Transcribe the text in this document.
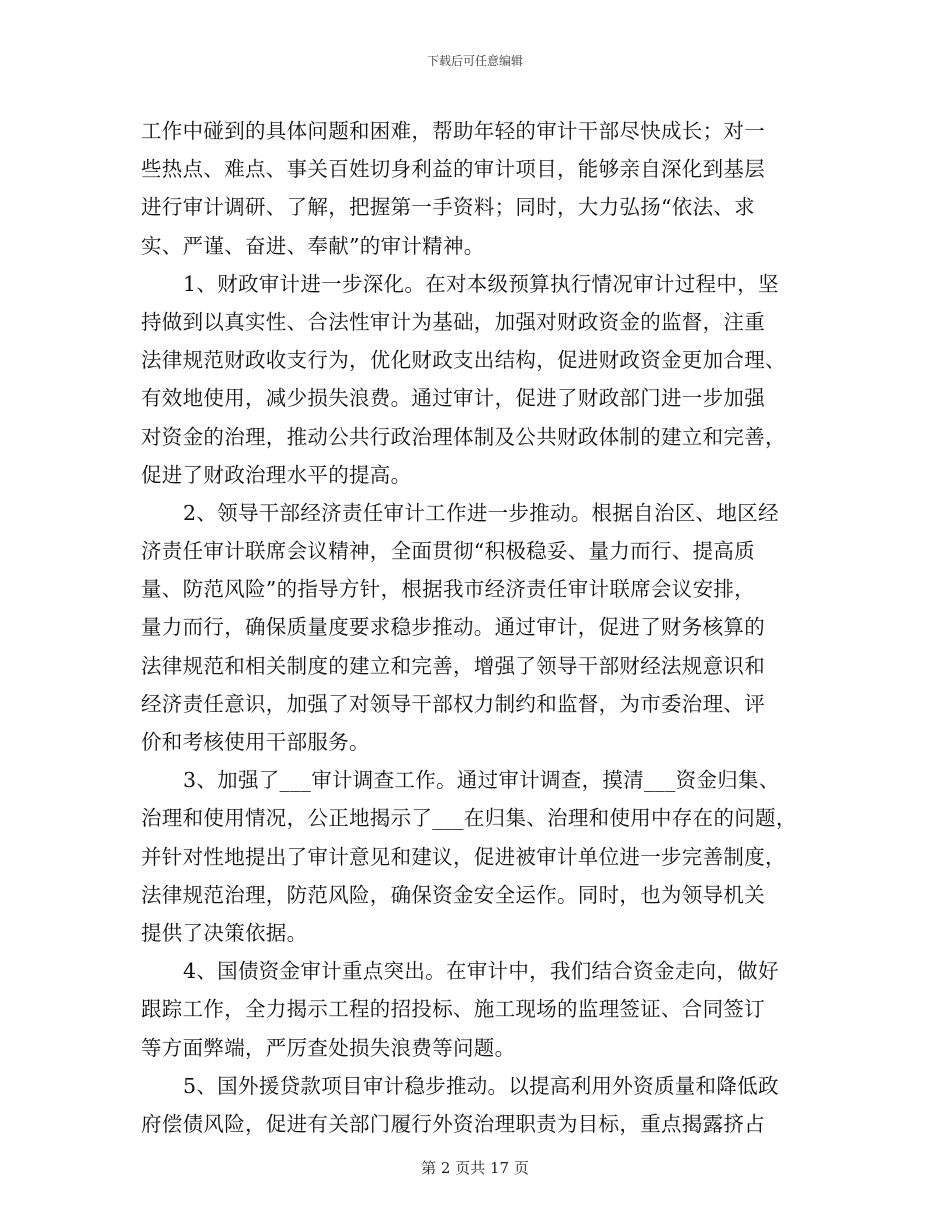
下载后可任意编辑
工作中碰到的具体问题和困难，帮助年轻的审计干部尽快成长；对一
些热点、难点、事关百姓切身利益的审计项目，能够亲自深化到基层
进行审计调研、了解，把握第一手资料；同时，大力弘扬“依法、求
实、严谨、奋进、奉献”的审计精神。
1、财政审计进一步深化。在对本级预算执行情况审计过程中，坚
持做到以真实性、合法性审计为基础，加强对财政资金的监督，注重
法律规范财政收支行为，优化财政支出结构，促进财政资金更加合理、
有效地使用，减少损失浪费。通过审计，促进了财政部门进一步加强
对资金的治理，推动公共行政治理体制及公共财政体制的建立和完善，
促进了财政治理水平的提高。
2、领导干部经济责任审计工作进一步推动。根据自治区、地区经
济责任审计联席会议精神，全面贯彻“积极稳妥、量力而行、提高质
量、防范风险”的指导方针，根据我市经济责任审计联席会议安排，
量力而行，确保质量度要求稳步推动。通过审计，促进了财务核算的
法律规范和相关制度的建立和完善，增强了领导干部财经法规意识和
经济责任意识，加强了对领导干部权力制约和监督，为市委治理、评
价和考核使用干部服务。
3、加强了___审计调查工作。通过审计调查，摸清___资金归集、
治理和使用情况，公正地揭示了___在归集、治理和使用中存在的问题，
并针对性地提出了审计意见和建议，促进被审计单位进一步完善制度，
法律规范治理，防范风险，确保资金安全运作。同时，也为领导机关
提供了决策依据。
4、国债资金审计重点突出。在审计中，我们结合资金走向，做好
跟踪工作，全力揭示工程的招投标、施工现场的监理签证、合同签订
等方面弊端，严厉查处损失浪费等问题。
5、国外援贷款项目审计稳步推动。以提高利用外资质量和降低政
府偿债风险，促进有关部门履行外资治理职责为目标，重点揭露挤占
第 2 页共 17 页
